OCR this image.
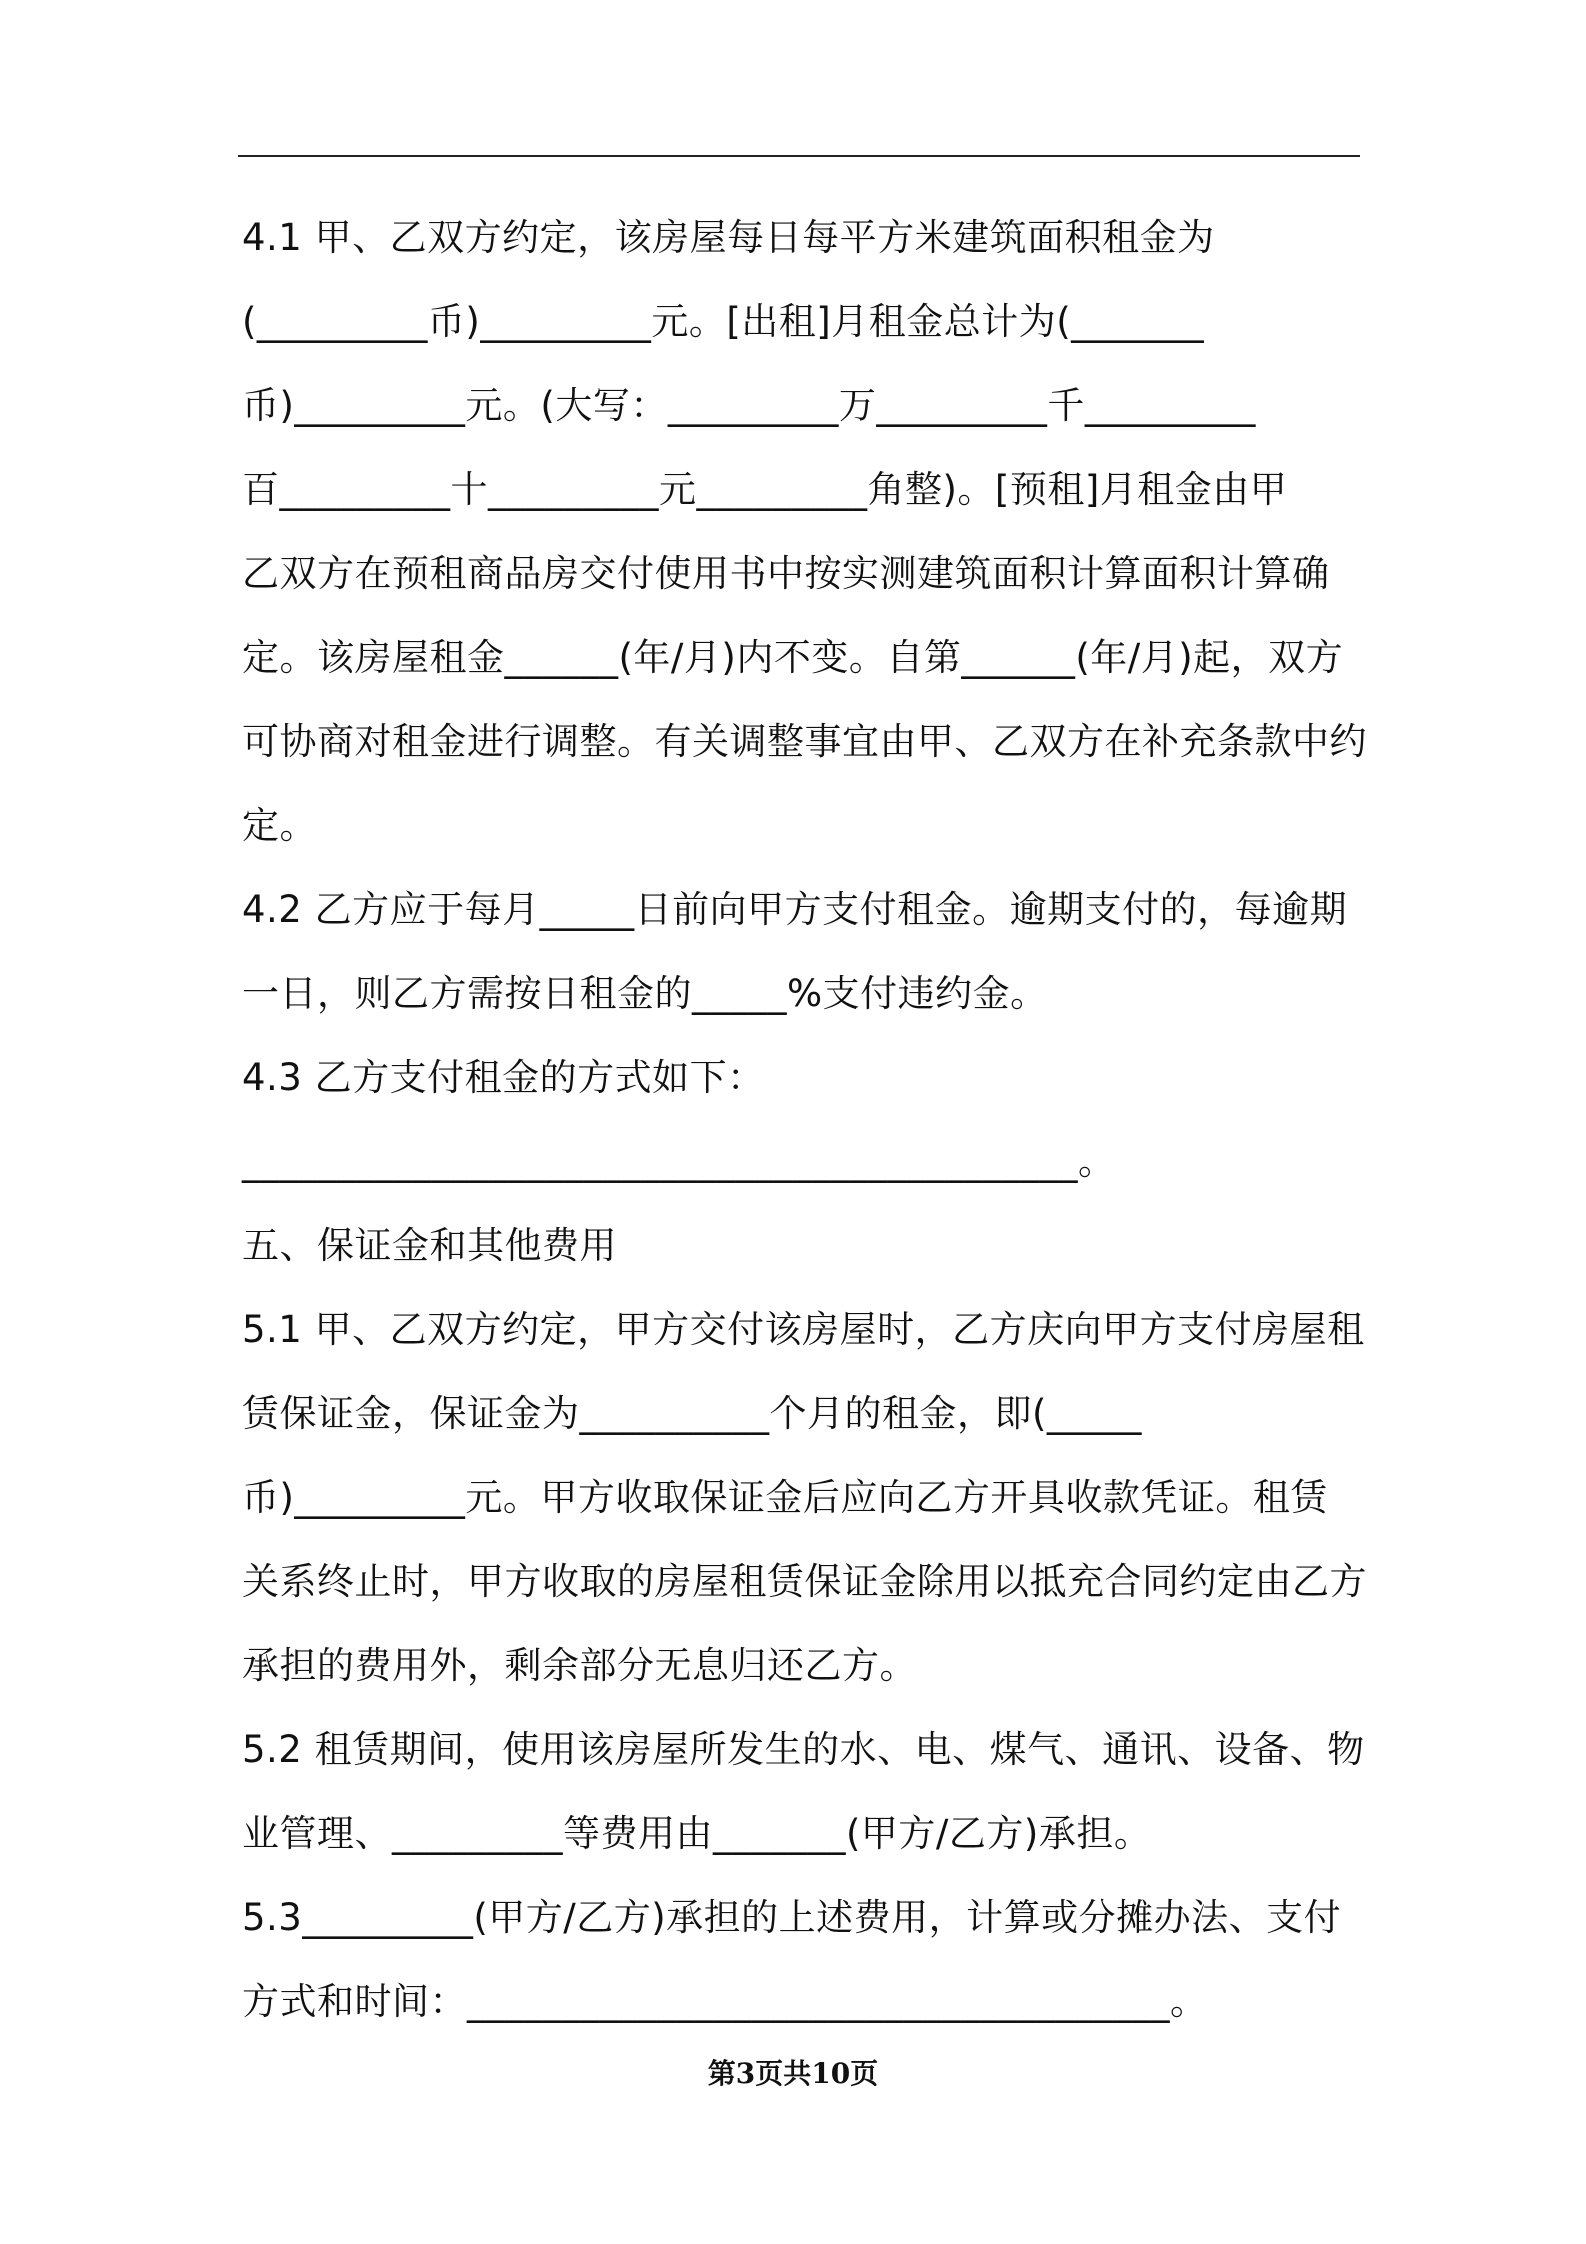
4.1 甲、乙双方约定，该房屋每日每平方米建筑面积租金为
(_________币)_________元。[出租]月租金总计为(_______
币)_________元。(大写：_________万_________千_________
百_________十_________元_________角整)。[预租]月租金由甲
乙双方在预租商品房交付使用书中按实测建筑面积计算面积计算确
定。该房屋租金______(年/月)内不变。自第______(年/月)起，双方
可协商对租金进行调整。有关调整事宜由甲、乙双方在补充条款中约
定。
4.2 乙方应于每月_____日前向甲方支付租金。逾期支付的，每逾期
一日，则乙方需按日租金的_____%支付违约金。
4.3 乙方支付租金的方式如下：
____________________________________________。
五、保证金和其他费用
5.1 甲、乙双方约定，甲方交付该房屋时，乙方庆向甲方支付房屋租
赁保证金，保证金为__________个月的租金，即(_____
币)_________元。甲方收取保证金后应向乙方开具收款凭证。租赁
关系终止时，甲方收取的房屋租赁保证金除用以抵充合同约定由乙方
承担的费用外，剩余部分无息归还乙方。
5.2 租赁期间，使用该房屋所发生的水、电、煤气、通讯、设备、物
业管理、_________等费用由_______(甲方/乙方)承担。
5.3_________(甲方/乙方)承担的上述费用，计算或分摊办法、支付
方式和时间：_____________________________________。
第3页共10页
